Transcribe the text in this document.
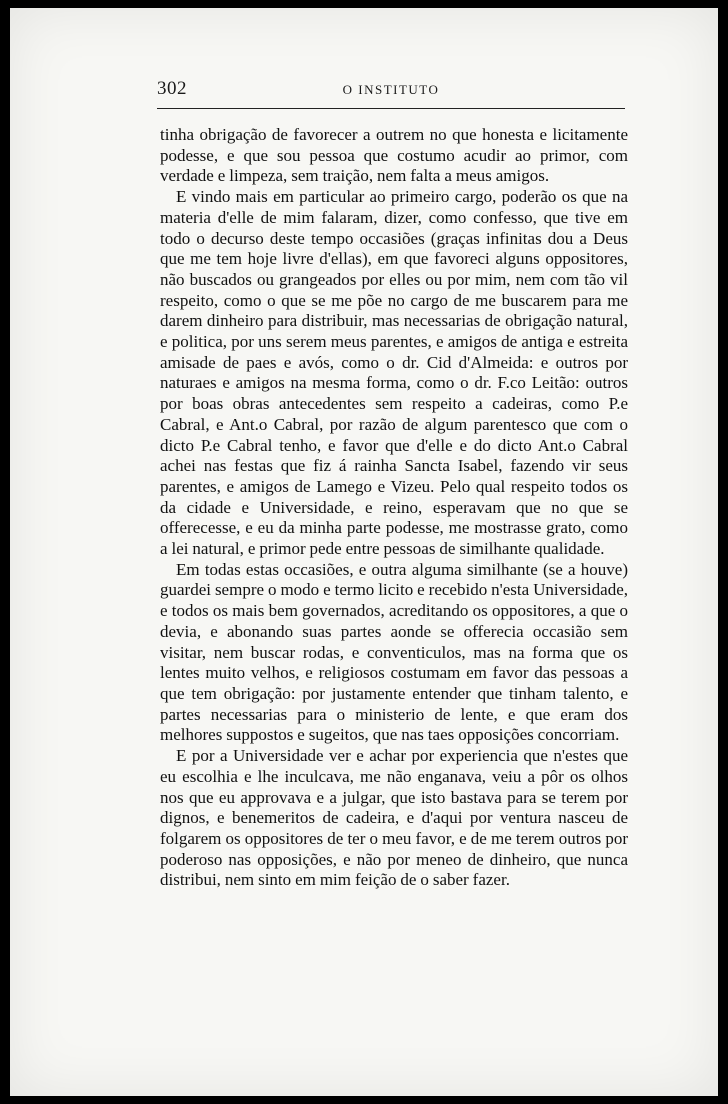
302	O INSTITUTO

tinha obrigação de favorecer a outrem no que honesta e licitamente podesse, e que sou pessoa que costumo acudir ao primor, com verdade e limpeza, sem traição, nem falta a meus amigos.

E vindo mais em particular ao primeiro cargo, poderão os que na materia d'elle de mim falaram, dizer, como confesso, que tive em todo o decurso deste tempo occasiões (graças infinitas dou a Deus que me tem hoje livre d'ellas), em que favoreci alguns oppositores, não buscados ou grangeados por elles ou por mim, nem com tão vil respeito, como o que se me põe no cargo de me buscarem para me darem dinheiro para distribuir, mas necessarias de obrigação natural, e politica, por uns serem meus parentes, e amigos de antiga e estreita amisade de paes e avós, como o dr. Cid d'Almeida: e outros por naturaes e amigos na mesma forma, como o dr. F.co Leitão: outros por boas obras antecedentes sem respeito a cadeiras, como P.e Cabral, e Ant.o Cabral, por razão de algum parentesco que com o dicto P.e Cabral tenho, e favor que d'elle e do dicto Ant.o Cabral achei nas festas que fiz á rainha Sancta Isabel, fazendo vir seus parentes, e amigos de Lamego e Vizeu. Pelo qual respeito todos os da cidade e Universidade, e reino, esperavam que no que se offerecesse, e eu da minha parte podesse, me mostrasse grato, como a lei natural, e primor pede entre pessoas de similhante qualidade.

Em todas estas occasiões, e outra alguma similhante (se a houve) guardei sempre o modo e termo licito e recebido n'esta Universidade, e todos os mais bem governados, acreditando os oppositores, a que o devia, e abonando suas partes aonde se offerecia occasião sem visitar, nem buscar rodas, e conventiculos, mas na forma que os lentes muito velhos, e religiosos costumam em favor das pessoas a que tem obrigação: por justamente entender que tinham talento, e partes necessarias para o ministerio de lente, e que eram dos melhores suppostos e sugeitos, que nas taes opposições concorriam.

E por a Universidade ver e achar por experiencia que n'estes que eu escolhia e lhe inculcava, me não enganava, veiu a pôr os olhos nos que eu approvava e a julgar, que isto bastava para se terem por dignos, e benemeritos de cadeira, e d'aqui por ventura nasceu de folgarem os oppositores de ter o meu favor, e de me terem outros por poderoso nas opposições, e não por meneo de dinheiro, que nunca distribui, nem sinto em mim feição de o saber fazer.
